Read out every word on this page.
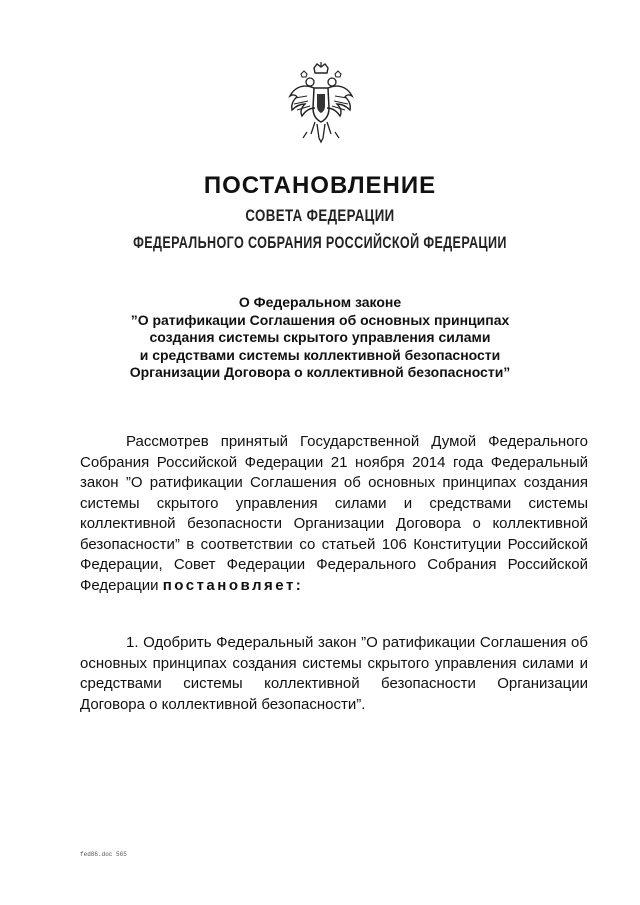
ПОСТАНОВЛЕНИЕ
СОВЕТА ФЕДЕРАЦИИ
ФЕДЕРАЛЬНОГО СОБРАНИЯ РОССИЙСКОЙ ФЕДЕРАЦИИ
О Федеральном законе
”О ратификации Соглашения об основных принципах
создания системы скрытого управления силами
и средствами системы коллективной безопасности
Организации Договора о коллективной безопасности”
Рассмотрев принятый Государственной Думой Федерального Собрания Российской Федерации 21 ноября 2014 года Федеральный закон ”О ратификации Соглашения об основных принципах создания системы скрытого управления силами и средствами системы коллективной безопасности Организации Договора о коллективной безопасности” в соответствии со статьей 106 Конституции Российской Федерации, Совет Федерации Федерального Собрания Российской Федерации постановляет:
1. Одобрить Федеральный закон ”О ратификации Соглашения об основных принципах создания системы скрытого управления силами и средствами системы коллективной безопасности Организации Договора о коллективной безопасности”.
fed86.doc 565
